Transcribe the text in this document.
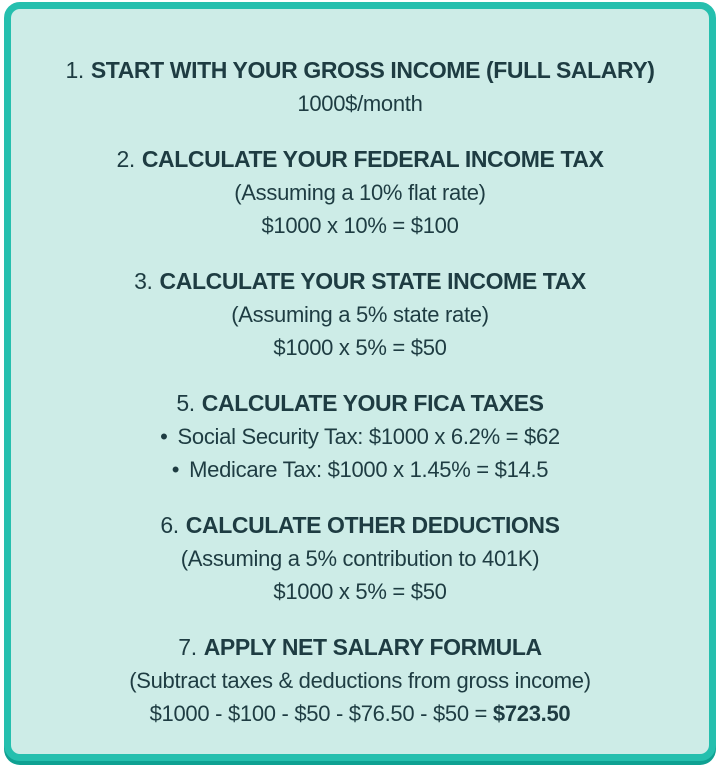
1. START WITH YOUR GROSS INCOME (FULL SALARY)
1000$/month
2. CALCULATE YOUR FEDERAL INCOME TAX
(Assuming a 10% flat rate)
$1000 x 10% = $100
3. CALCULATE YOUR STATE INCOME TAX
(Assuming a 5% state rate)
$1000 x 5% = $50
5. CALCULATE YOUR FICA TAXES
• Social Security Tax: $1000 x 6.2% = $62
• Medicare Tax: $1000 x 1.45% = $14.5
6. CALCULATE OTHER DEDUCTIONS
(Assuming a 5% contribution to 401K)
$1000 x 5% = $50
7. APPLY NET SALARY FORMULA
(Subtract taxes & deductions from gross income)
$1000 - $100 - $50 - $76.50 - $50 = $723.50
